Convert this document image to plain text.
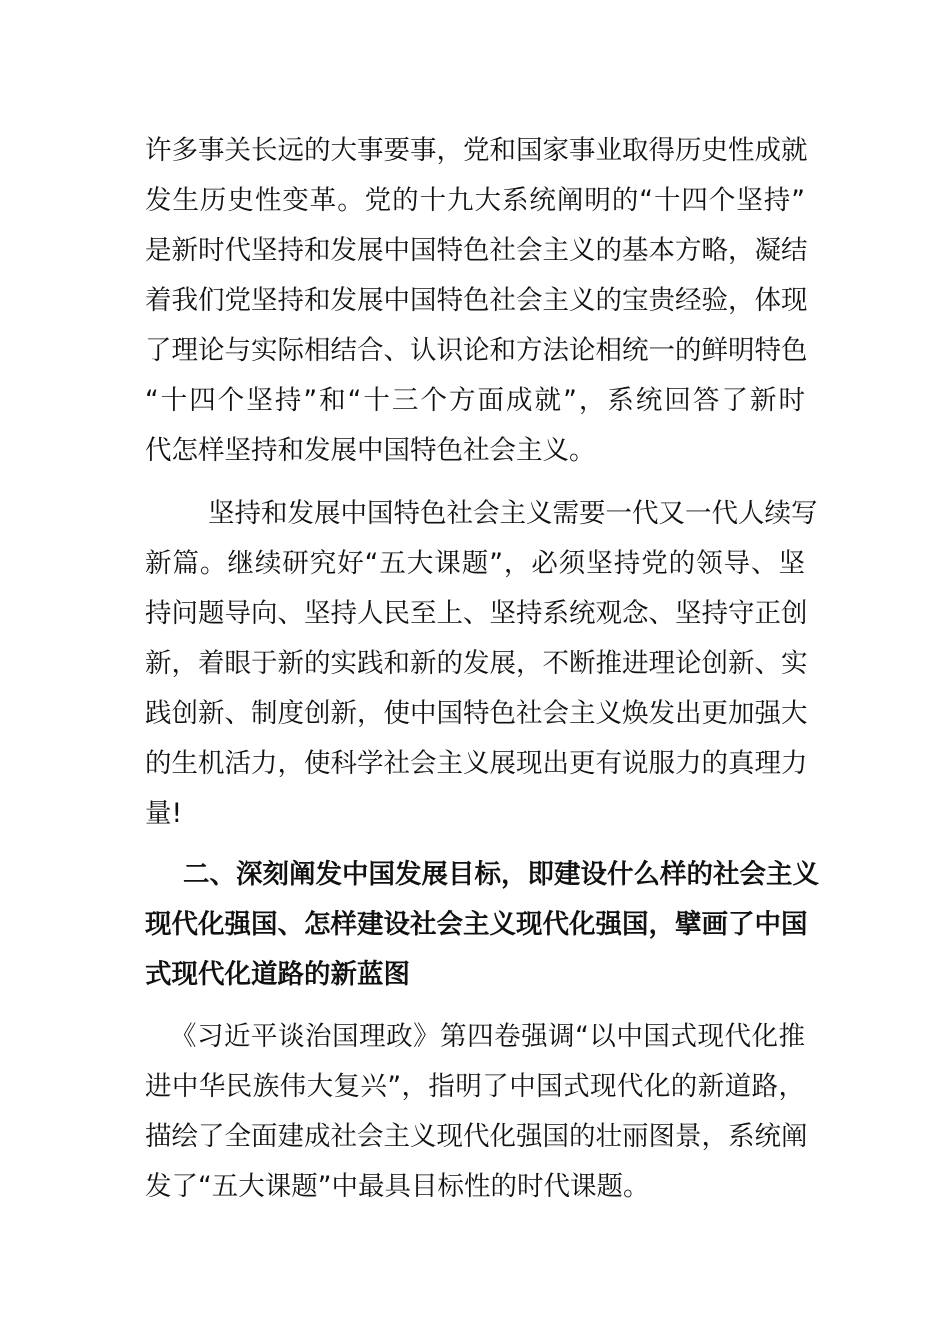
许多事关长远的大事要事，党和国家事业取得历史性成就
发生历史性变革。党的十九大系统阐明的“十四个坚持”
是新时代坚持和发展中国特色社会主义的基本方略，凝结
着我们党坚持和发展中国特色社会主义的宝贵经验，体现
了理论与实际相结合、认识论和方法论相统一的鲜明特色
“十四个坚持”和“十三个方面成就”，系统回答了新时
代怎样坚持和发展中国特色社会主义。
坚持和发展中国特色社会主义需要一代又一代人续写
新篇。继续研究好“五大课题”，必须坚持党的领导、坚
持问题导向、坚持人民至上、坚持系统观念、坚持守正创
新，着眼于新的实践和新的发展，不断推进理论创新、实
践创新、制度创新，使中国特色社会主义焕发出更加强大
的生机活力，使科学社会主义展现出更有说服力的真理力
量!
二、深刻阐发中国发展目标，即建设什么样的社会主义
现代化强国、怎样建设社会主义现代化强国，擘画了中国
式现代化道路的新蓝图
《习近平谈治国理政》第四卷强调“以中国式现代化推
进中华民族伟大复兴”，指明了中国式现代化的新道路，
描绘了全面建成社会主义现代化强国的壮丽图景，系统阐
发了“五大课题”中最具目标性的时代课题。
